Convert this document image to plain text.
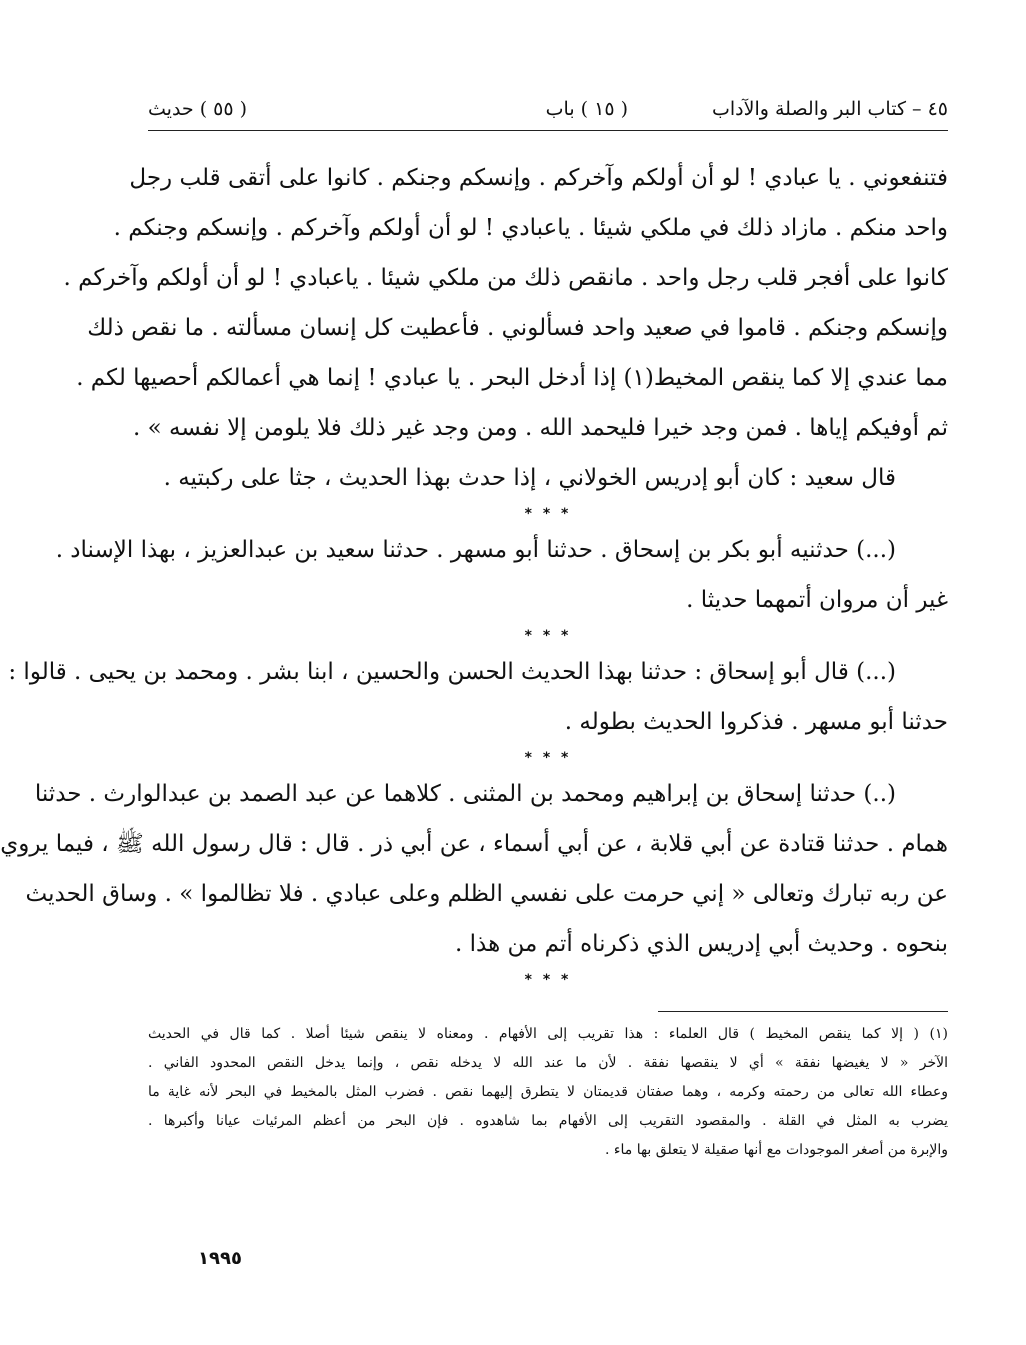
٤٥ – كتاب البر والصلة والآداب
( ١٥ ) باب
( ٥٥ ) حديث
فتنفعوني . يا عبادي ! لو أن أولكم وآخركم . وإنسكم وجنكم . كانوا على أتقى قلب رجل
واحد منكم . مازاد ذلك في ملكي شيئا . ياعبادي ! لو أن أولكم وآخركم . وإنسكم وجنكم .
كانوا على أفجر قلب رجل واحد . مانقص ذلك من ملكي شيئا . ياعبادي ! لو أن أولكم وآخركم .
وإنسكم وجنكم . قاموا في صعيد واحد فسألوني . فأعطيت كل إنسان مسألته . ما نقص ذلك
مما عندي إلا كما ينقص المخيط(١) إذا أدخل البحر . يا عبادي ! إنما هي أعمالكم أحصيها لكم .
ثم أوفيكم إياها . فمن وجد خيرا فليحمد الله . ومن وجد غير ذلك فلا يلومن إلا نفسه » .
قال سعيد : كان أبو إدريس الخولاني ، إذا حدث بهذا الحديث ، جثا على ركبتيه .
* * *
(...) حدثنيه أبو بكر بن إسحاق . حدثنا أبو مسهر . حدثنا سعيد بن عبدالعزيز ، بهذا الإسناد .
غير أن مروان أتمهما حديثا .
* * *
(...) قال أبو إسحاق : حدثنا بهذا الحديث الحسن والحسين ، ابنا بشر . ومحمد بن يحيى . قالوا :
حدثنا أبو مسهر . فذكروا الحديث بطوله .
* * *
(..) حدثنا إسحاق بن إبراهيم ومحمد بن المثنى . كلاهما عن عبد الصمد بن عبدالوارث . حدثنا
همام . حدثنا قتادة عن أبي قلابة ، عن أبي أسماء ، عن أبي ذر . قال : قال رسول الله ﷺ ، فيما يروي
عن ربه تبارك وتعالى « إني حرمت على نفسي الظلم وعلى عبادي . فلا تظالموا » . وساق الحديث
بنحوه . وحديث أبي إدريس الذي ذكرناه أتم من هذا .
* * *
(١) ( إلا كما ينقص المخيط ) قال العلماء : هذا تقريب إلى الأفهام . ومعناه لا ينقص شيئا أصلا . كما قال في الحديث
الآخر « لا يغيضها نفقة » أي لا ينقصها نفقة . لأن ما عند الله لا يدخله نقص ، وإنما يدخل النقص المحدود الفاني .
وعطاء الله تعالى من رحمته وكرمه ، وهما صفتان قديمتان لا يتطرق إليهما نقص . فضرب المثل بالمخيط في البحر لأنه غاية ما
يضرب به المثل في القلة . والمقصود التقريب إلى الأفهام بما شاهدوه . فإن البحر من أعظم المرئيات عيانا وأكبرها .
والإبرة من أصغر الموجودات مع أنها صقيلة لا يتعلق بها ماء .
١٩٩٥
